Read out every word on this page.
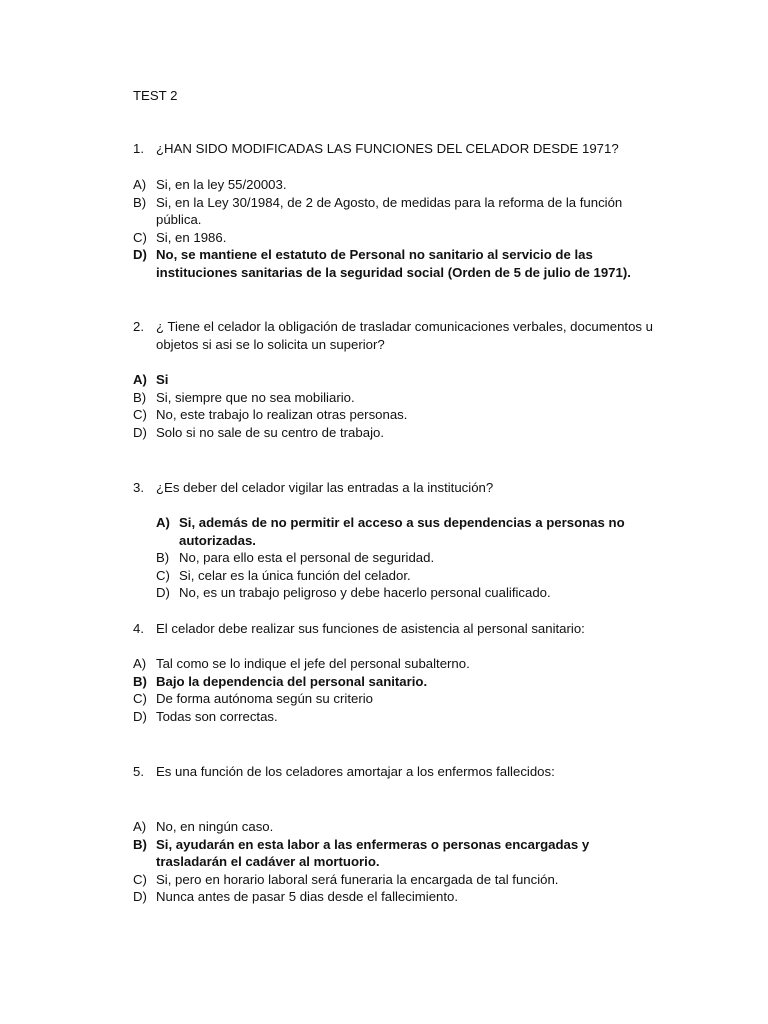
TEST 2
1. ¿HAN SIDO MODIFICADAS LAS FUNCIONES DEL CELADOR DESDE 1971?
A) Si, en la ley 55/20003.
B) Si, en la Ley 30/1984, de 2 de Agosto, de medidas para la reforma de la función pública.
C) Si, en 1986.
D) No, se mantiene el estatuto de Personal no sanitario al servicio de las instituciones sanitarias de la seguridad social (Orden de 5 de julio de 1971).
2. ¿ Tiene el celador la obligación de trasladar comunicaciones verbales, documentos u objetos si asi se lo solicita un superior?
A) Si
B) Si, siempre que no sea mobiliario.
C) No, este trabajo lo realizan otras personas.
D) Solo si no sale de su centro de trabajo.
3. ¿Es deber del celador vigilar las entradas a la institución?
A) Si, además de no permitir el acceso a sus dependencias a personas no autorizadas.
B) No, para ello esta el personal de seguridad.
C) Si, celar es la única función del celador.
D) No, es un trabajo peligroso y debe hacerlo personal cualificado.
4. El celador debe realizar sus funciones de asistencia al personal sanitario:
A) Tal como se lo indique el jefe del personal subalterno.
B) Bajo la dependencia del personal sanitario.
C) De forma autónoma según su criterio
D) Todas son correctas.
5. Es una función de los celadores amortajar a los enfermos fallecidos:
A) No, en ningún caso.
B) Si, ayudarán en esta labor a las enfermeras o personas encargadas y trasladarán el cadáver al mortuorio.
C) Si, pero en horario laboral será funeraria la encargada de tal función.
D) Nunca antes de pasar 5 dias desde el fallecimiento.
